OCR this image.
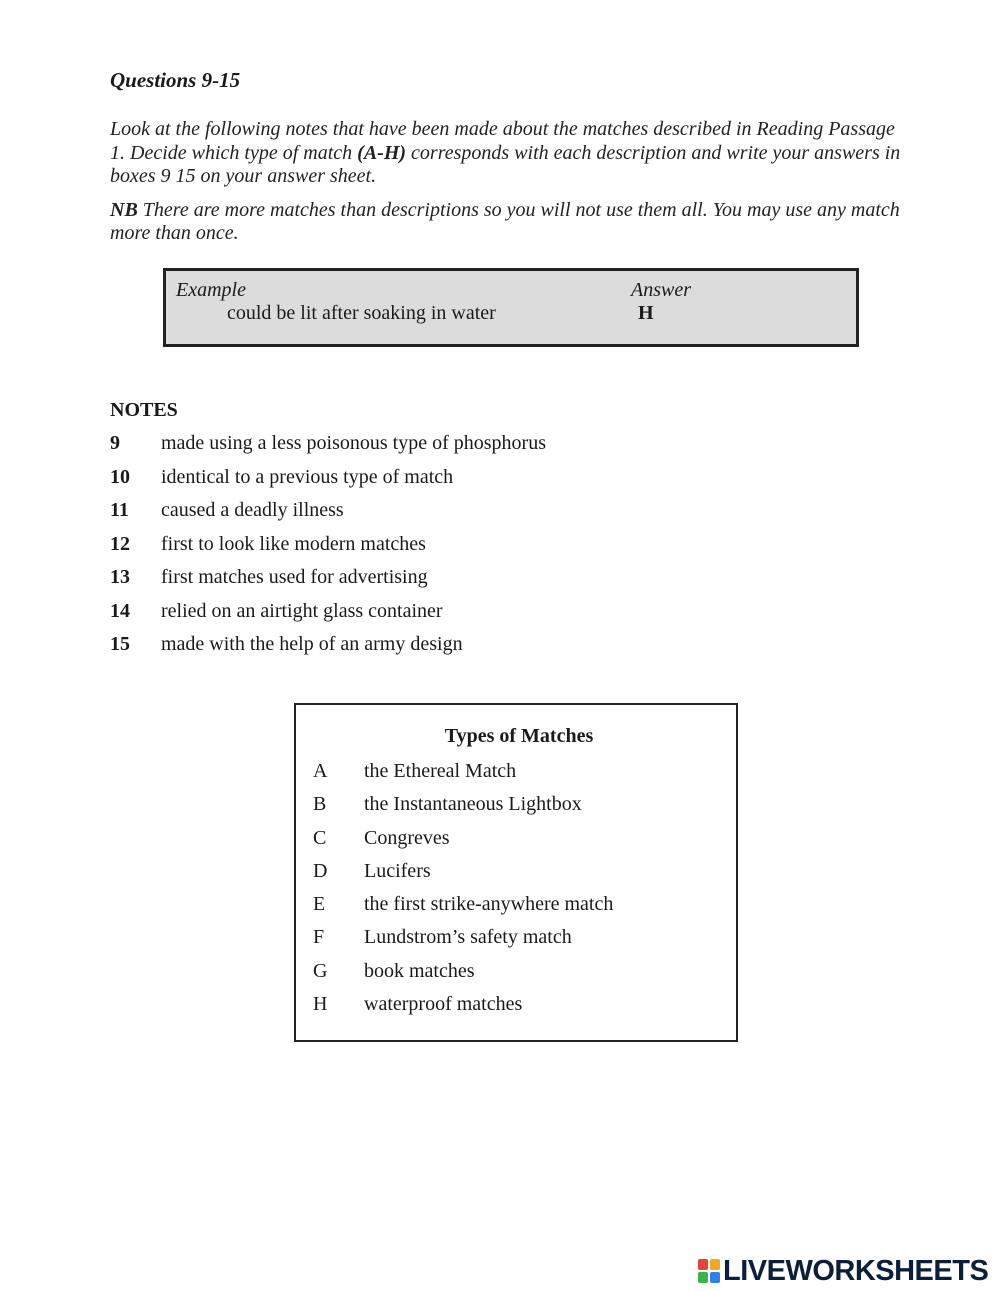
Questions 9-15

Look at the following notes that have been made about the matches described in Reading Passage 1. Decide which type of match (A-H) corresponds with each description and write your answers in boxes 9 15 on your answer sheet.

NB There are more matches than descriptions so you will not use them all. You may use any match more than once.

Example
could be lit after soaking in water
Answer
H
NOTES
9 made using a less poisonous type of phosphorus
10 identical to a previous type of match
11 caused a deadly illness
12 first to look like modern matches
13 first matches used for advertising
14 relied on an airtight glass container
15 made with the help of an army design
Types of Matches
A the Ethereal Match
B the Instantaneous Lightbox
C Congreves
D Lucifers
E the first strike-anywhere match
F Lundstrom’s safety match
G book matches
H waterproof matches
LIVEWORKSHEETS
